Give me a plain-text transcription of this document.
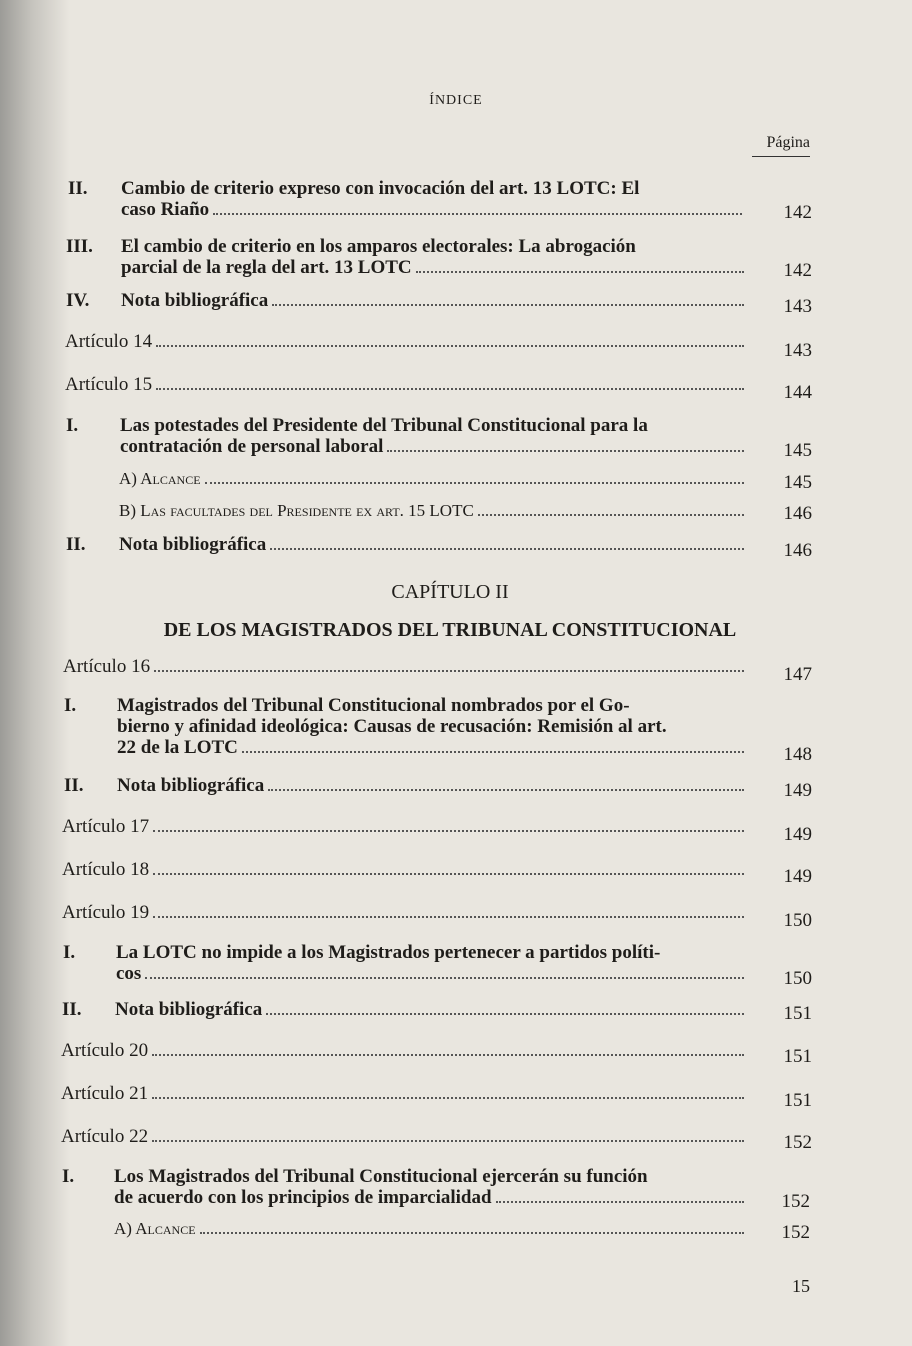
ÍNDICE
Página
II. Cambio de criterio expreso con invocación del art. 13 LOTC: El
caso Riaño	142
III. El cambio de criterio en los amparos electorales: La abrogación
parcial de la regla del art. 13 LOTC	142
IV. Nota bibliográfica	143
Artículo 14	143
Artículo 15	144
I. Las potestades del Presidente del Tribunal Constitucional para la
contratación de personal laboral	145
A) Alcance	145
B) Las facultades del Presidente ex art. 15 LOTC	146
II. Nota bibliográfica	146
CAPÍTULO II
DE LOS MAGISTRADOS DEL TRIBUNAL CONSTITUCIONAL
Artículo 16	147
I. Magistrados del Tribunal Constitucional nombrados por el Go-
bierno y afinidad ideológica: Causas de recusación: Remisión al art.
22 de la LOTC	148
II. Nota bibliográfica	149
Artículo 17	149
Artículo 18	149
Artículo 19	150
I. La LOTC no impide a los Magistrados pertenecer a partidos políti-
cos	150
II. Nota bibliográfica	151
Artículo 20	151
Artículo 21	151
Artículo 22	152
I. Los Magistrados del Tribunal Constitucional ejercerán su función
de acuerdo con los principios de imparcialidad	152
A) Alcance	152
15
